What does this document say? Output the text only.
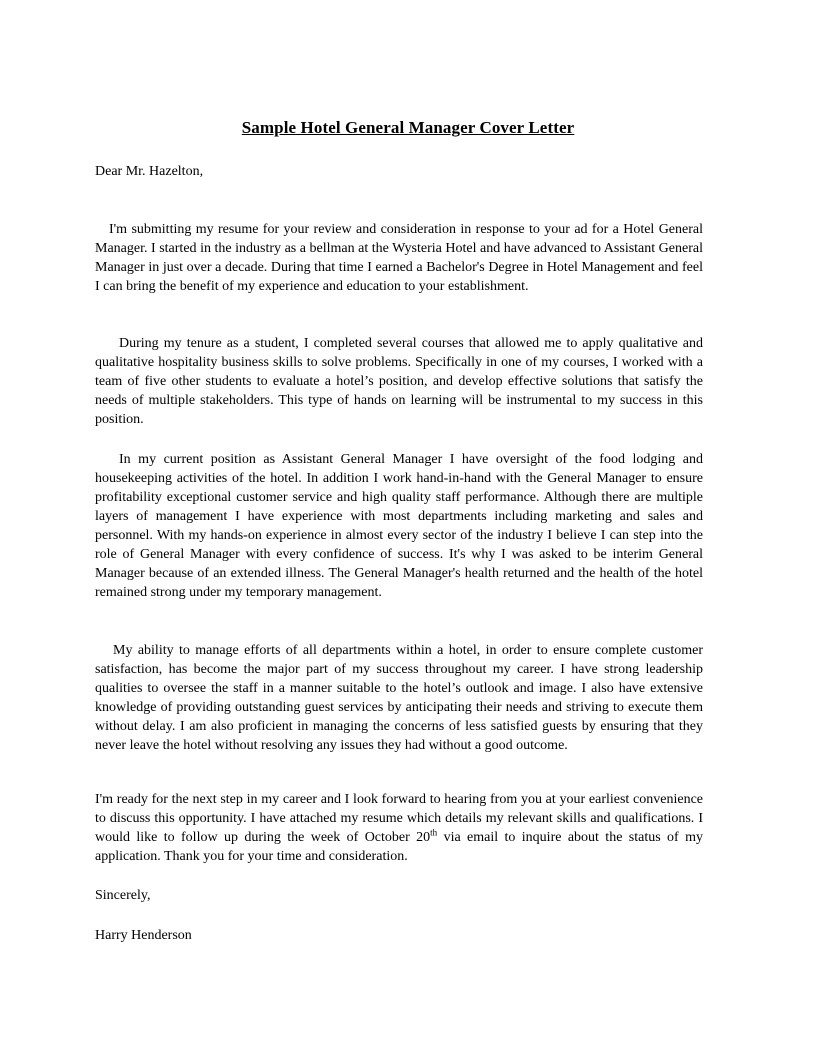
Sample Hotel General Manager Cover Letter

Dear Mr. Hazelton,

I'm submitting my resume for your review and consideration in response to your ad for a Hotel General Manager. I started in the industry as a bellman at the Wysteria Hotel and have advanced to Assistant General Manager in just over a decade. During that time I earned a Bachelor's Degree in Hotel Management and feel I can bring the benefit of my experience and education to your establishment.

During my tenure as a student, I completed several courses that allowed me to apply qualitative and qualitative hospitality business skills to solve problems. Specifically in one of my courses, I worked with a team of five other students to evaluate a hotel’s position, and develop effective solutions that satisfy the needs of multiple stakeholders. This type of hands on learning will be instrumental to my success in this position.

In my current position as Assistant General Manager I have oversight of the food lodging and housekeeping activities of the hotel. In addition I work hand-in-hand with the General Manager to ensure profitability exceptional customer service and high quality staff performance. Although there are multiple layers of management I have experience with most departments including marketing and sales and personnel. With my hands-on experience in almost every sector of the industry I believe I can step into the role of General Manager with every confidence of success. It's why I was asked to be interim General Manager because of an extended illness. The General Manager's health returned and the health of the hotel remained strong under my temporary management.

My ability to manage efforts of all departments within a hotel, in order to ensure complete customer satisfaction, has become the major part of my success throughout my career. I have strong leadership qualities to oversee the staff in a manner suitable to the hotel’s outlook and image. I also have extensive knowledge of providing outstanding guest services by anticipating their needs and striving to execute them without delay. I am also proficient in managing the concerns of less satisfied guests by ensuring that they never leave the hotel without resolving any issues they had without a good outcome.

I'm ready for the next step in my career and I look forward to hearing from you at your earliest convenience to discuss this opportunity. I have attached my resume which details my relevant skills and qualifications. I would like to follow up during the week of October 20th via email to inquire about the status of my application. Thank you for your time and consideration.

Sincerely,

Harry Henderson
